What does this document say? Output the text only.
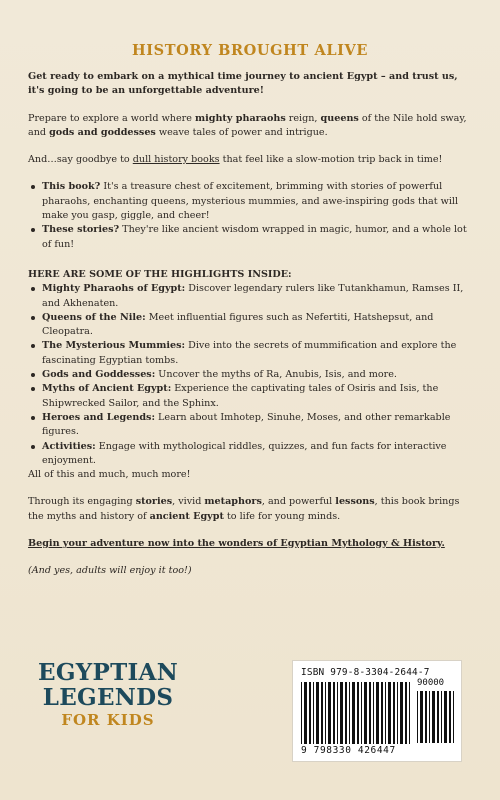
HISTORY BROUGHT ALIVE

Get ready to embark on a mythical time journey to ancient Egypt – and trust us, it's going to be an unforgettable adventure!

Prepare to explore a world where mighty pharaohs reign, queens of the Nile hold sway, and gods and goddesses weave tales of power and intrigue.

And…say goodbye to dull history books that feel like a slow-motion trip back in time!

This book? It's a treasure chest of excitement, brimming with stories of powerful pharaohs, enchanting queens, mysterious mummies, and awe-inspiring gods that will make you gasp, giggle, and cheer!
These stories? They're like ancient wisdom wrapped in magic, humor, and a whole lot of fun!
HERE ARE SOME OF THE HIGHLIGHTS INSIDE:
Mighty Pharaohs of Egypt: Discover legendary rulers like Tutankhamun, Ramses II, and Akhenaten.
Queens of the Nile: Meet influential figures such as Nefertiti, Hatshepsut, and Cleopatra.
The Mysterious Mummies: Dive into the secrets of mummification and explore the fascinating Egyptian tombs.
Gods and Goddesses: Uncover the myths of Ra, Anubis, Isis, and more.
Myths of Ancient Egypt: Experience the captivating tales of Osiris and Isis, the Shipwrecked Sailor, and the Sphinx.
Heroes and Legends: Learn about Imhotep, Sinuhe, Moses, and other remarkable figures.
Activities: Engage with mythological riddles, quizzes, and fun facts for interactive enjoyment.
All of this and much, much more!

Through its engaging stories, vivid metaphors, and powerful lessons, this book brings the myths and history of ancient Egypt to life for young minds.

Begin your adventure now into the wonders of Egyptian Mythology & History.

(And yes, adults will enjoy it too!)

EGYPTIAN
LEGENDS
FOR KIDS
ISBN 979-8-3304-2644-7
90000
9 798330 426447
